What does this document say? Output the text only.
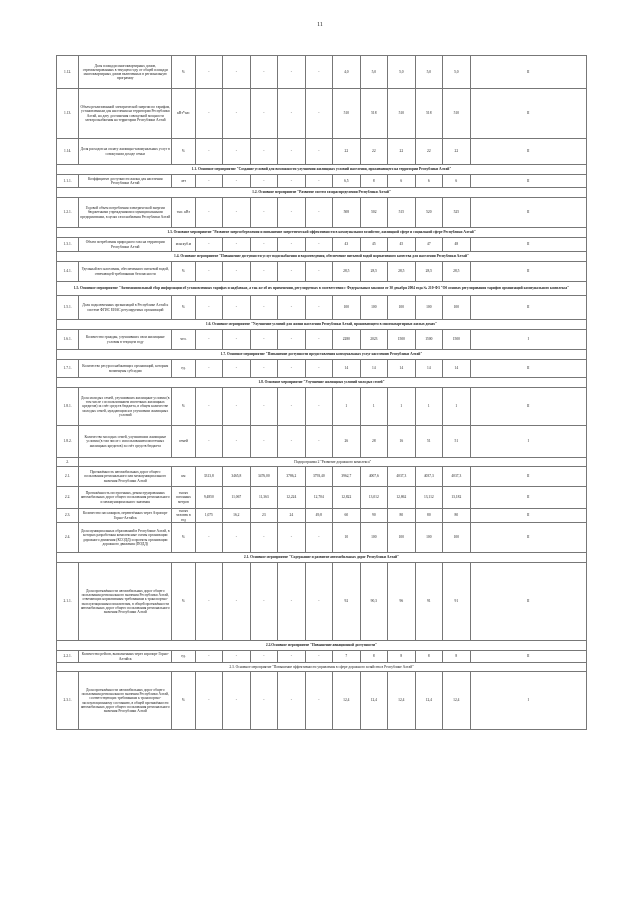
11
1.12.	Доля площади многоквартирных домов, отремонтированных в текущем году от общей площади многоквартирных домов включенных в региональную программу	%	-	-	-	-	-	4,0	5,0	5,0	5,0	5,0	II
1.13.	Объем реализованной электрической энергии по тарифам, установленным для населения на территории Республики Алтай, на дату достижения совокупной мощности электроснабжения на территории Республики Алтай	кВт*час	-	-	-	-	-	510	518	510	518	510	II
1.14.	Доля расходов на оплату жилищно-коммунальных услуг в совокупном доходе семьи	%	-	-	-	-	-	22	22	22	22	22	II
1.1. Основное мероприятие "Создание условий для возможности улучшения жилищных условий населения, проживающего на территории Республики Алтай"													
1.1.1.	Коэффициент доступности жилья для населения Республики Алтай	лет	-	-	-	-	-	6,5	8	6	6	6	II
1.2. Основное мероприятие "Развитие систем газораспределения Республики Алтай"													
1.2.1.	Годовой объем потребления электрической энергии бюджетными учреждениями и муниципальными предприятиями, в целях газоснабжения Республики Алтай	тыс. кВт	-	-	-	-	-	508	502	515	520	525	II
1.3. Основное мероприятие "Развитие энергосбережения и повышение энергетической эффективности в коммунальном хозяйстве, жилищной сфере и социальной сфере Республики Алтай"													
1.3.1.	Объем потребления природного газа на территории Республики Алтай	млн куб.м	-	-	-	-	-	43	45	45	47	48	II
1.4. Основное мероприятие "Повышение доступности услуг водоснабжения и водоотведения, обеспечение питьевой водой нормативного качества для населения Республики Алтай"													
1.4.1.	Удельный вес населения, обеспеченного питьевой водой, отвечающей требованиям безопасности	%	-	-	-	-	-	28,5	28,5	28,5	28,5	28,5	II
1.5. Основное мероприятие "Антимонопольный сбор информации об установленных тарифах и надбавках, а так же об их применении, регулируемых в соответствии с Федеральным законом от 30 декабря 2004 года № 210-ФЗ "Об основах регулирования тарифов организаций коммунального комплекса"													
1.5.1.	Доля подключенных организаций в Республике Алтай к системе ФГИС ЕИАС регулируемых организаций	%	-	-	-	-	-	100	100	100	100	100	II
1.6. Основное мероприятие "Улучшение условий для жизни населения Республики Алтай, проживающего в многоквартирных жилых домах"													
1.6.1.	Количество граждан, улучшивших свои жилищные условия в текущем году	чел.	-	-	-	-	-	2280	2023	1500	1500	1500	I
1.7. Основное мероприятие "Повышение доступности предоставления коммунальных услуг населению Республики Алтай"													
1.7.1.	Количество ресурсоснабжающих организаций, которым возмещены субсидии	ед.	-	-	-	-	-	14	14	14	14	14	II
1.8. Основное мероприятие "Улучшение жилищных условий молодых семей"													
1.8.1.	Доля молодых семей, улучшивших жилищные условия (в том числе с использованием ипотечных жилищных кредитов) за счёт средств бюджета, в общем количестве молодых семей, нуждающихся в улучшении жилищных условий	%	-	-	-	-	-	1	1	1	1	1	II
1.8.2.	Количество молодых семей, улучшивших жилищные условия (в том числе с использованием ипотечных жилищных кредитов) за счёт средств бюджета	семей	-	-	-	-	-	26	28	16	51	51	I
2.	Подпрограмма 2 "Развитие дорожного комплекса"												
2.1.	Протяжённость автомобильных дорог общего пользования регионального или межмуниципального значения Республики Алтай	км	3313,8	3465,8	3476,00	3786,2	3793,40	3962,7	4007,6	4037,3	4037,3	4037,3	II
2.2.	Протяжённость построенных, реконструированных автомобильных дорог общего пользования регионального и межмуниципального значения	тысяч погонных метров	9,4850	11,067	11,363	12,224	12,704	12,822	13,012	12,862	13,112	13,182	II
2.3.	Количество пассажиров, перевезённых через Аэропорт Горно-Алтайск	тысяч человек в год	1,075	16,2	23	24	49,8	60	90	80	80	80	II
2.4.	Доля муниципальных образований в Республике Алтай, в которых разработаны комплексные схемы организации дорожного движения (КСОДД) и проекты организации дорожного движения (ПОДД)	%	-	-	-	-	-	10	100	100	100	100	II
2.1. Основное мероприятие "Содержание и развитие автомобильных дорог Республики Алтай"													
2.1.1.	Доля протяжённости автомобильных дорог общего пользования регионального значения Республики Алтай, отвечающих нормативным требованиям к транспортно-эксплуатационным показателям, в общей протяжённости автомобильных дорог общего пользования регионального значения Республики Алтай	%	-	-	-	-	-	92	90,3	96	91	91	II
2.2.Основное мероприятие "Повышение авиационной доступности"													
2.2.1.	Количество рейсов, выполненных через аэропорт Горно-Алтайск	ед.	-	-	-	-	-	7	8	8	8	8	II
2.3. Основное мероприятие "Повышение эффективности управления в сфере дорожного хозяйства в Республике Алтай"													
2.3.1.	Доля протяжённости автомобильных дорог общего пользования регионального значения Республики Алтай, соответствующих требованиям к транспортно-эксплуатационному состоянию, в общей протяжённости автомобильных дорог общего пользования регионального значения Республики Алтай	%	-	-	-	-	-	12,4	12,4	12,4	12,4	12,4	I
